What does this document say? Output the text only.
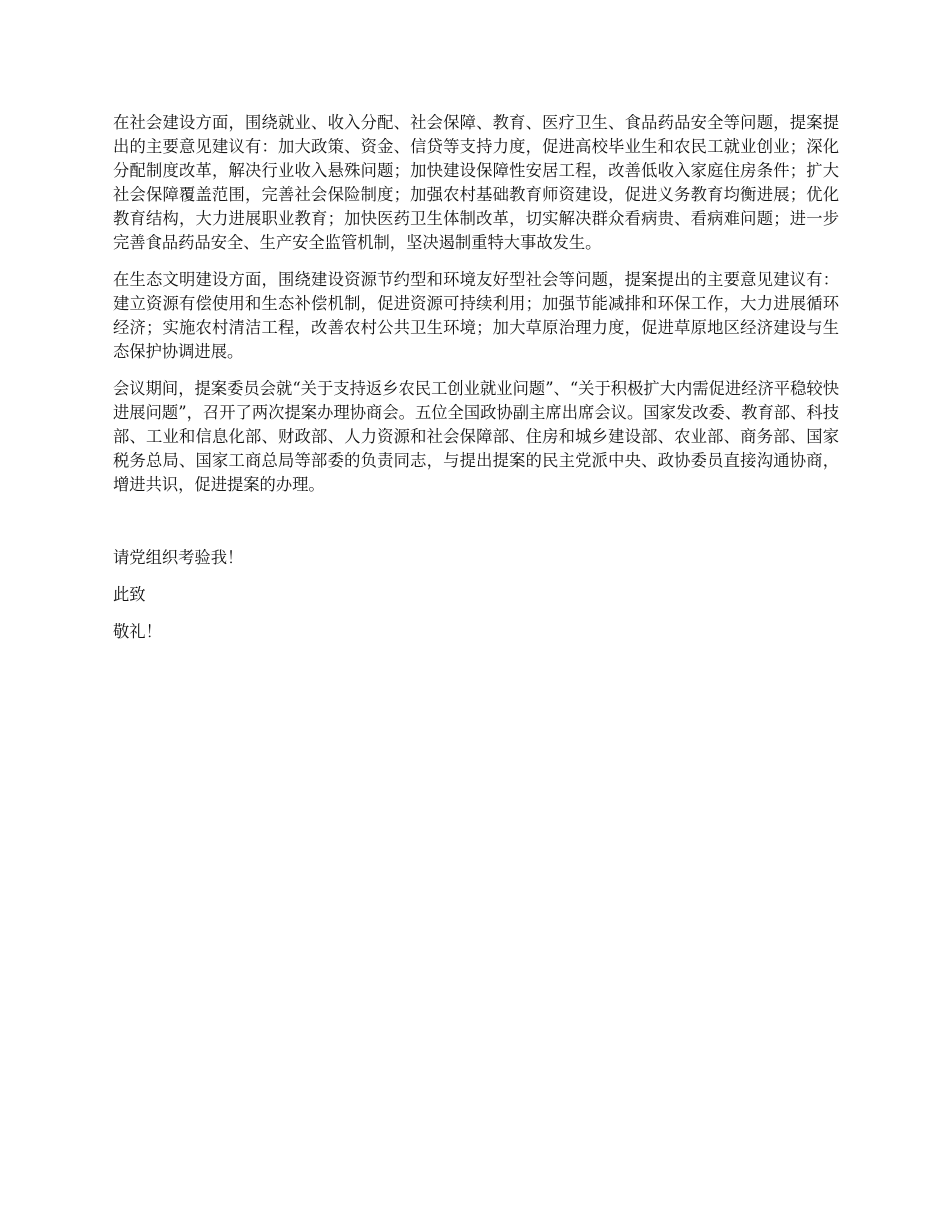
在社会建设方面，围绕就业、收入分配、社会保障、教育、医疗卫生、食品药品安全等问题，提案提出的主要意见建议有：加大政策、资金、信贷等支持力度，促进高校毕业生和农民工就业创业；深化分配制度改革，解决行业收入悬殊问题；加快建设保障性安居工程，改善低收入家庭住房条件；扩大社会保障覆盖范围，完善社会保险制度；加强农村基础教育师资建设，促进义务教育均衡进展；优化教育结构，大力进展职业教育；加快医药卫生体制改革，切实解决群众看病贵、看病难问题；进一步完善食品药品安全、生产安全监管机制，坚决遏制重特大事故发生。

在生态文明建设方面，围绕建设资源节约型和环境友好型社会等问题，提案提出的主要意见建议有：建立资源有偿使用和生态补偿机制，促进资源可持续利用；加强节能减排和环保工作，大力进展循环经济；实施农村清洁工程，改善农村公共卫生环境；加大草原治理力度，促进草原地区经济建设与生态保护协调进展。

会议期间，提案委员会就“关于支持返乡农民工创业就业问题”、“关于积极扩大内需促进经济平稳较快进展问题”，召开了两次提案办理协商会。五位全国政协副主席出席会议。国家发改委、教育部、科技部、工业和信息化部、财政部、人力资源和社会保障部、住房和城乡建设部、农业部、商务部、国家税务总局、国家工商总局等部委的负责同志，与提出提案的民主党派中央、政协委员直接沟通协商，增进共识，促进提案的办理。

请党组织考验我！

此致

敬礼！
